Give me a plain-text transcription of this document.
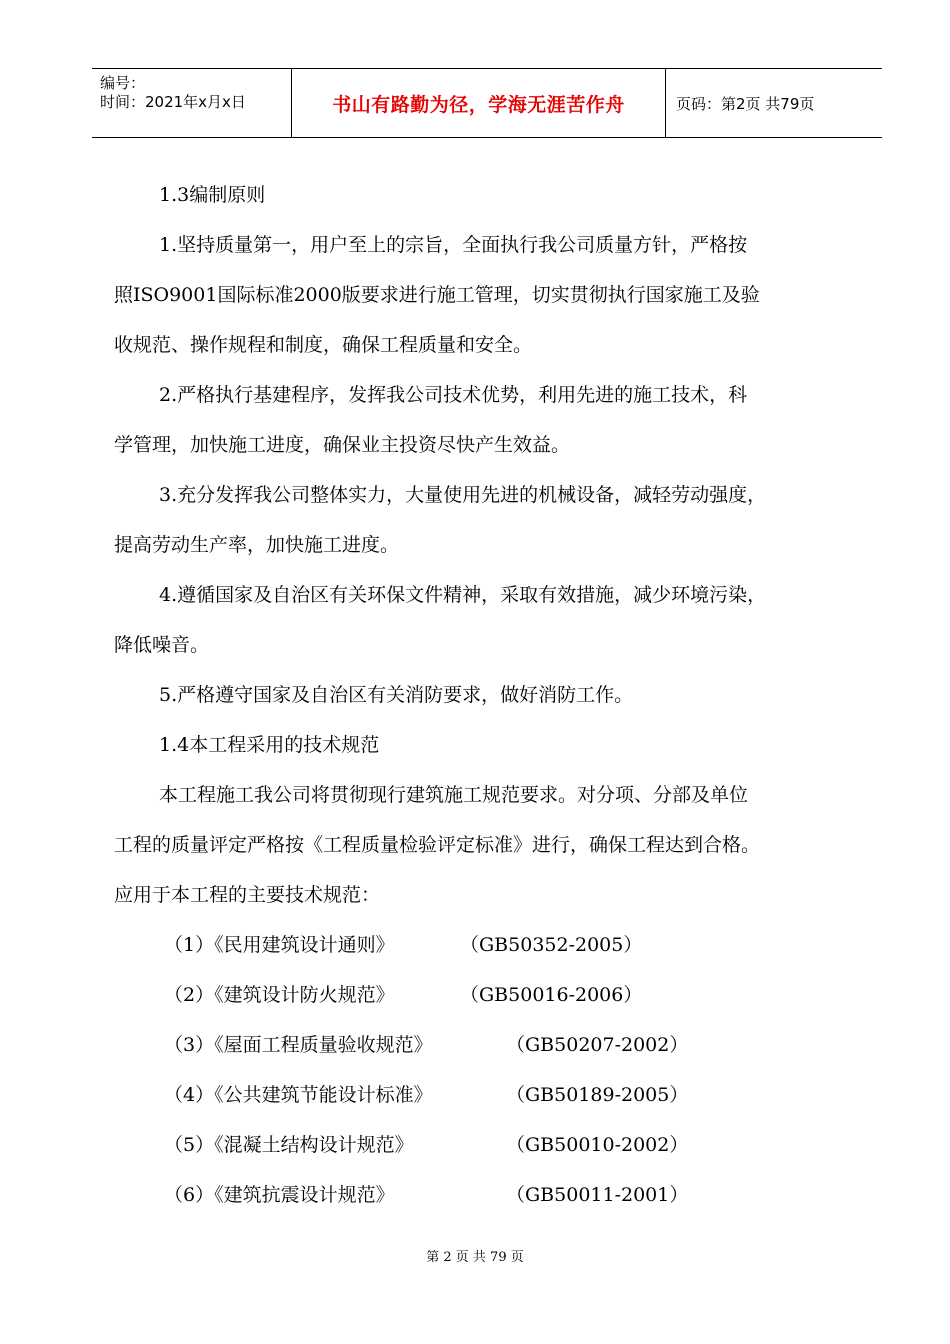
编号：
时间：2021年x月x日	书山有路勤为径，学海无涯苦作舟	页码：第2页 共79页

1.3编制原则

1.坚持质量第一，用户至上的宗旨，全面执行我公司质量方针，严格按

照ISO9001国际标准2000版要求进行施工管理，切实贯彻执行国家施工及验

收规范、操作规程和制度，确保工程质量和安全。

2.严格执行基建程序，发挥我公司技术优势，利用先进的施工技术，科

学管理，加快施工进度，确保业主投资尽快产生效益。

3.充分发挥我公司整体实力，大量使用先进的机械设备，减轻劳动强度，

提高劳动生产率，加快施工进度。

4.遵循国家及自治区有关环保文件精神，采取有效措施，减少环境污染，

降低噪音。

5.严格遵守国家及自治区有关消防要求，做好消防工作。

1.4本工程采用的技术规范

本工程施工我公司将贯彻现行建筑施工规范要求。对分项、分部及单位

工程的质量评定严格按《工程质量检验评定标准》进行，确保工程达到合格。

应用于本工程的主要技术规范：

（1）《民用建筑设计通则》	（GB50352-2005）
（2）《建筑设计防火规范》	（GB50016-2006）
（3）《屋面工程质量验收规范》	（GB50207-2002）
（4）《公共建筑节能设计标准》	（GB50189-2005）
（5）《混凝土结构设计规范》	（GB50010-2002）
（6）《建筑抗震设计规范》	（GB50011-2001）
第 2 页 共 79 页
